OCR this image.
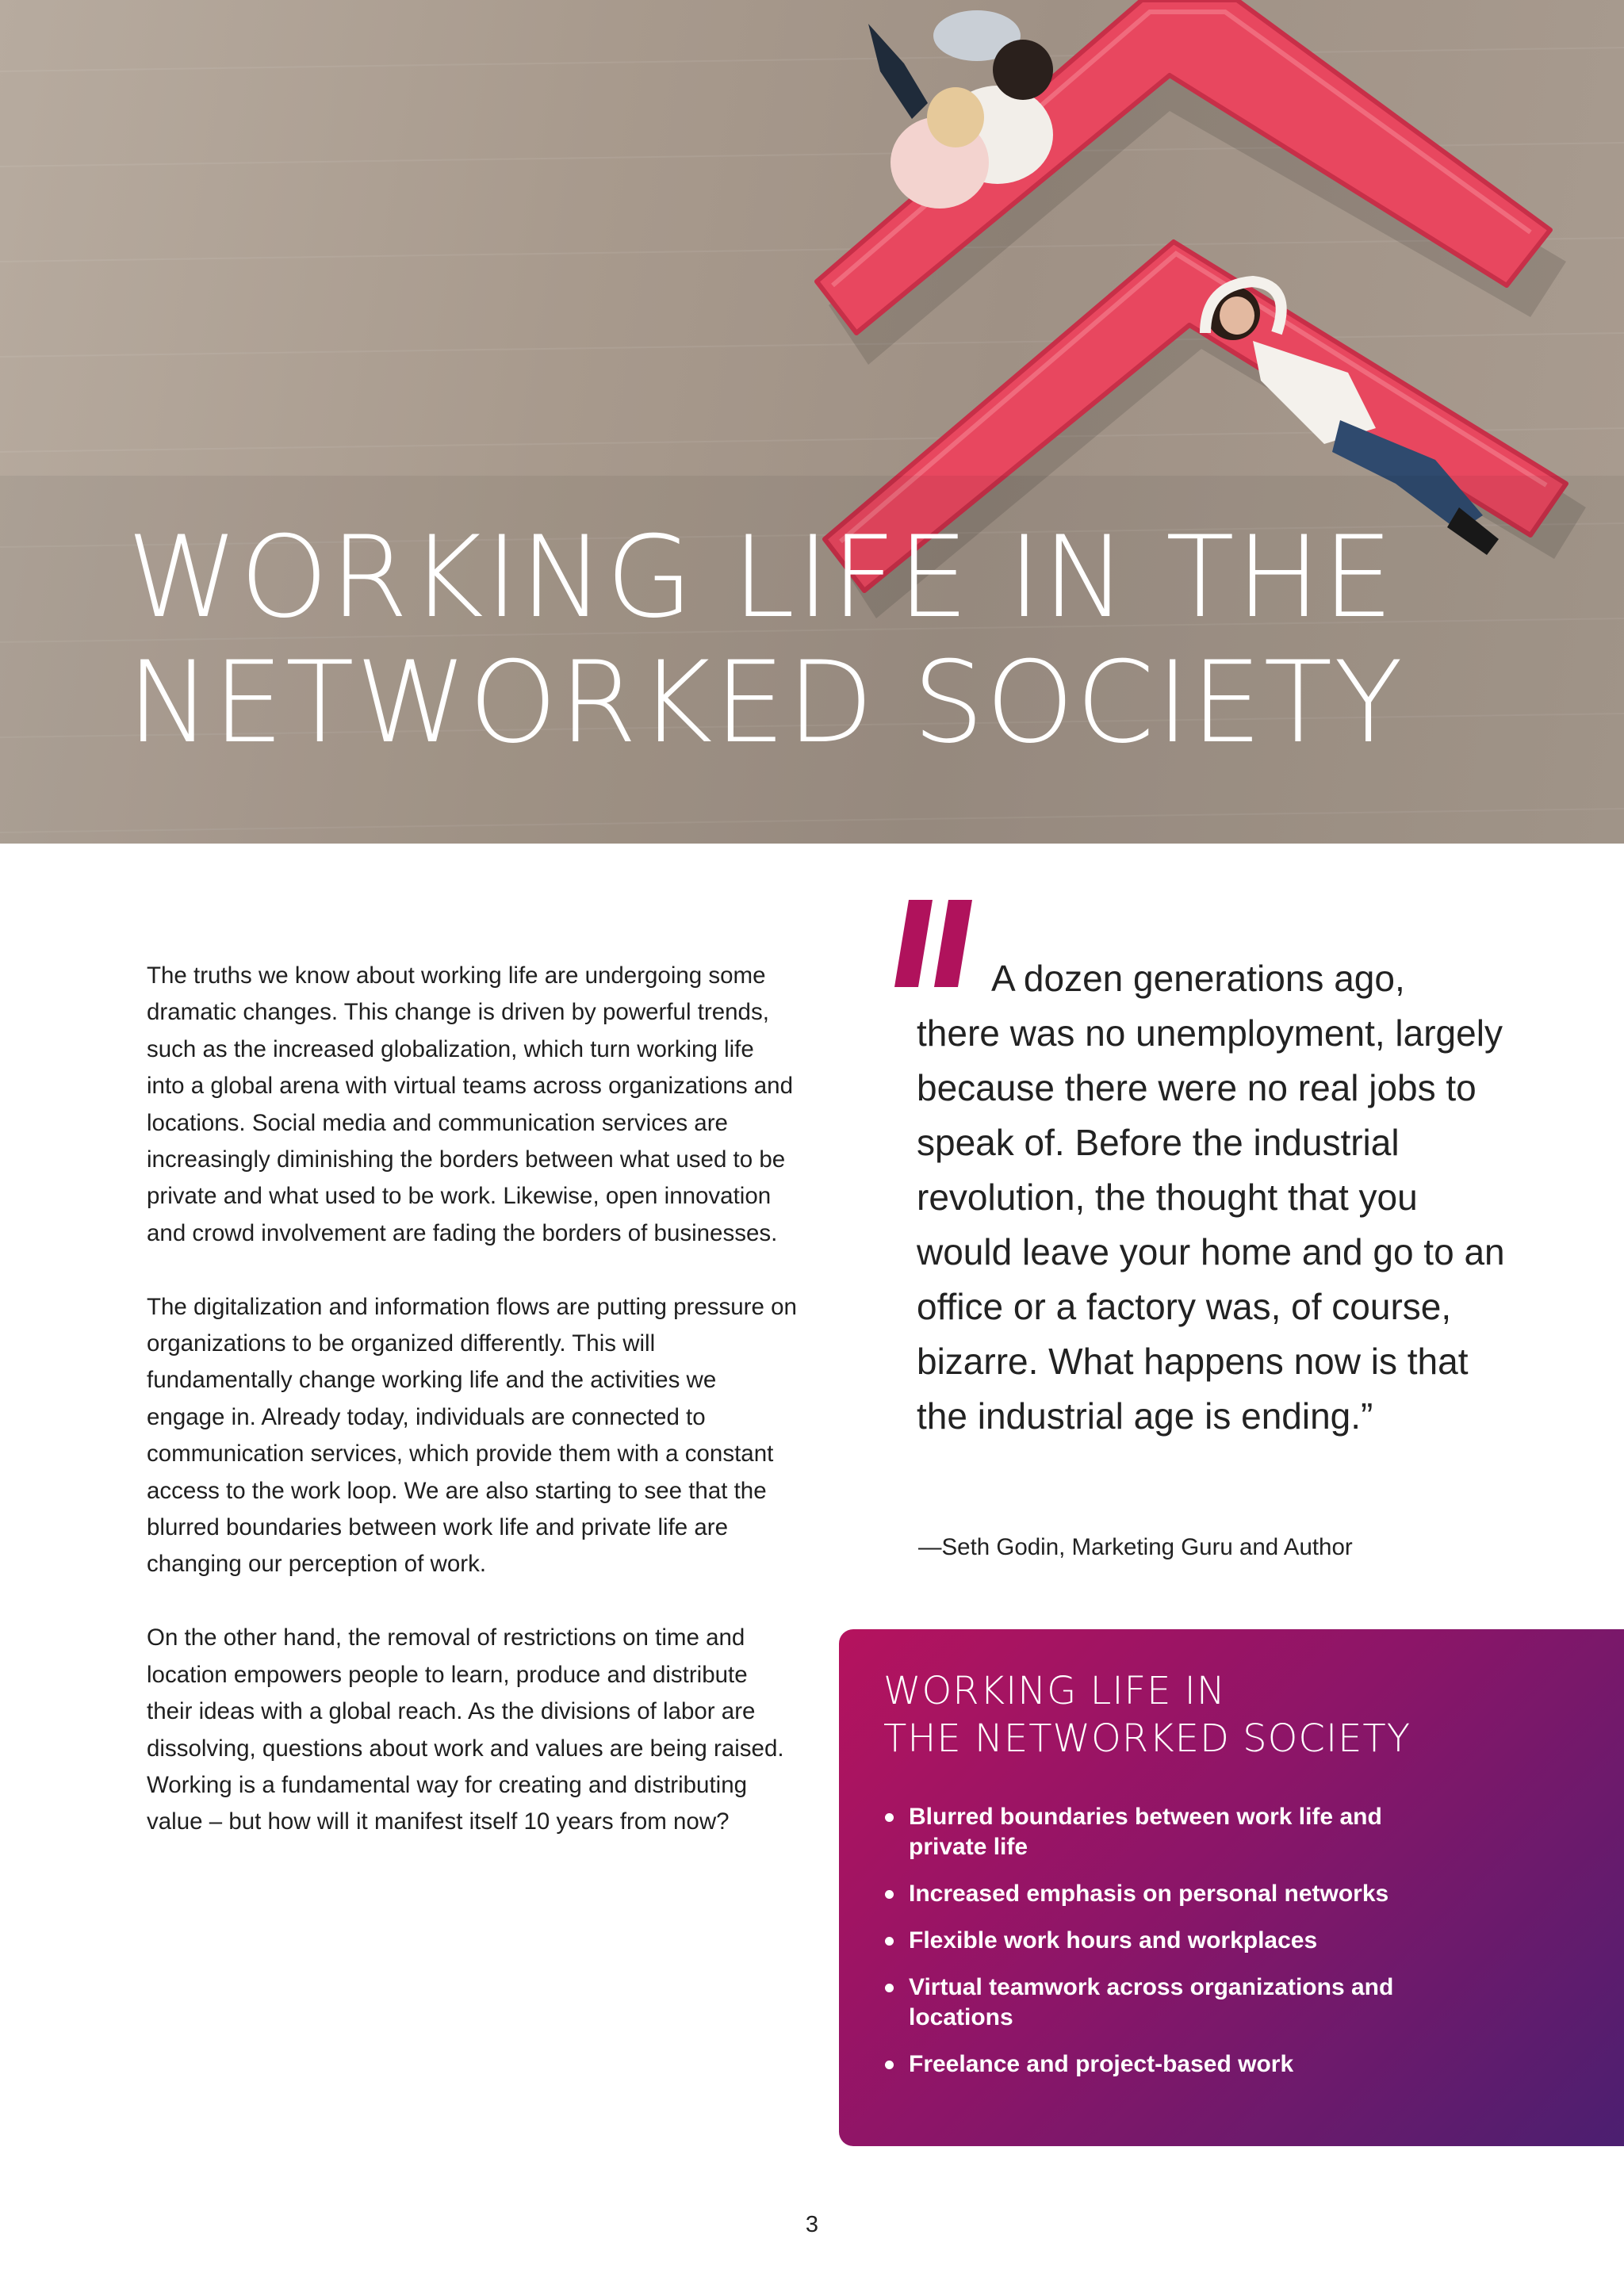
WORKING LIFE IN THE
NETWORKED SOCIETY

The truths we know about working life are undergoing some dramatic changes. This change is driven by powerful trends, such as the increased globalization, which turn working life into a global arena with virtual teams across organizations and locations. Social media and communication services are increasingly diminishing the borders between what used to be private and what used to be work. Likewise, open innovation and crowd involvement are fading the borders of businesses.

The digitalization and information flows are putting pressure on organizations to be organized differently. This will fundamentally change working life and the activities we engage in. Already today, individuals are connected to communication services, which provide them with a constant access to the work loop. We are also starting to see that the blurred boundaries between work life and private life are changing our perception of work.

On the other hand, the removal of restrictions on time and location empowers people to learn, produce and distribute their ideas with a global reach. As the divisions of labor are dissolving, questions about work and values are being raised. Working is a fundamental way for creating and distributing value – but how will it manifest itself 10 years from now?

A dozen generations ago,
there was no unemployment, largely because there were no real jobs to speak of. Before the industrial revolution, the thought that you would leave your home and go to an office or a factory was, of course, bizarre. What happens now is that the industrial age is ending.”

—Seth Godin, Marketing Guru and Author

WORKING LIFE IN
THE NETWORKED SOCIETY
Blurred boundaries between work life and private life
Increased emphasis on personal networks
Flexible work hours and workplaces
Virtual teamwork across organizations and locations
Freelance and project-based work
3
